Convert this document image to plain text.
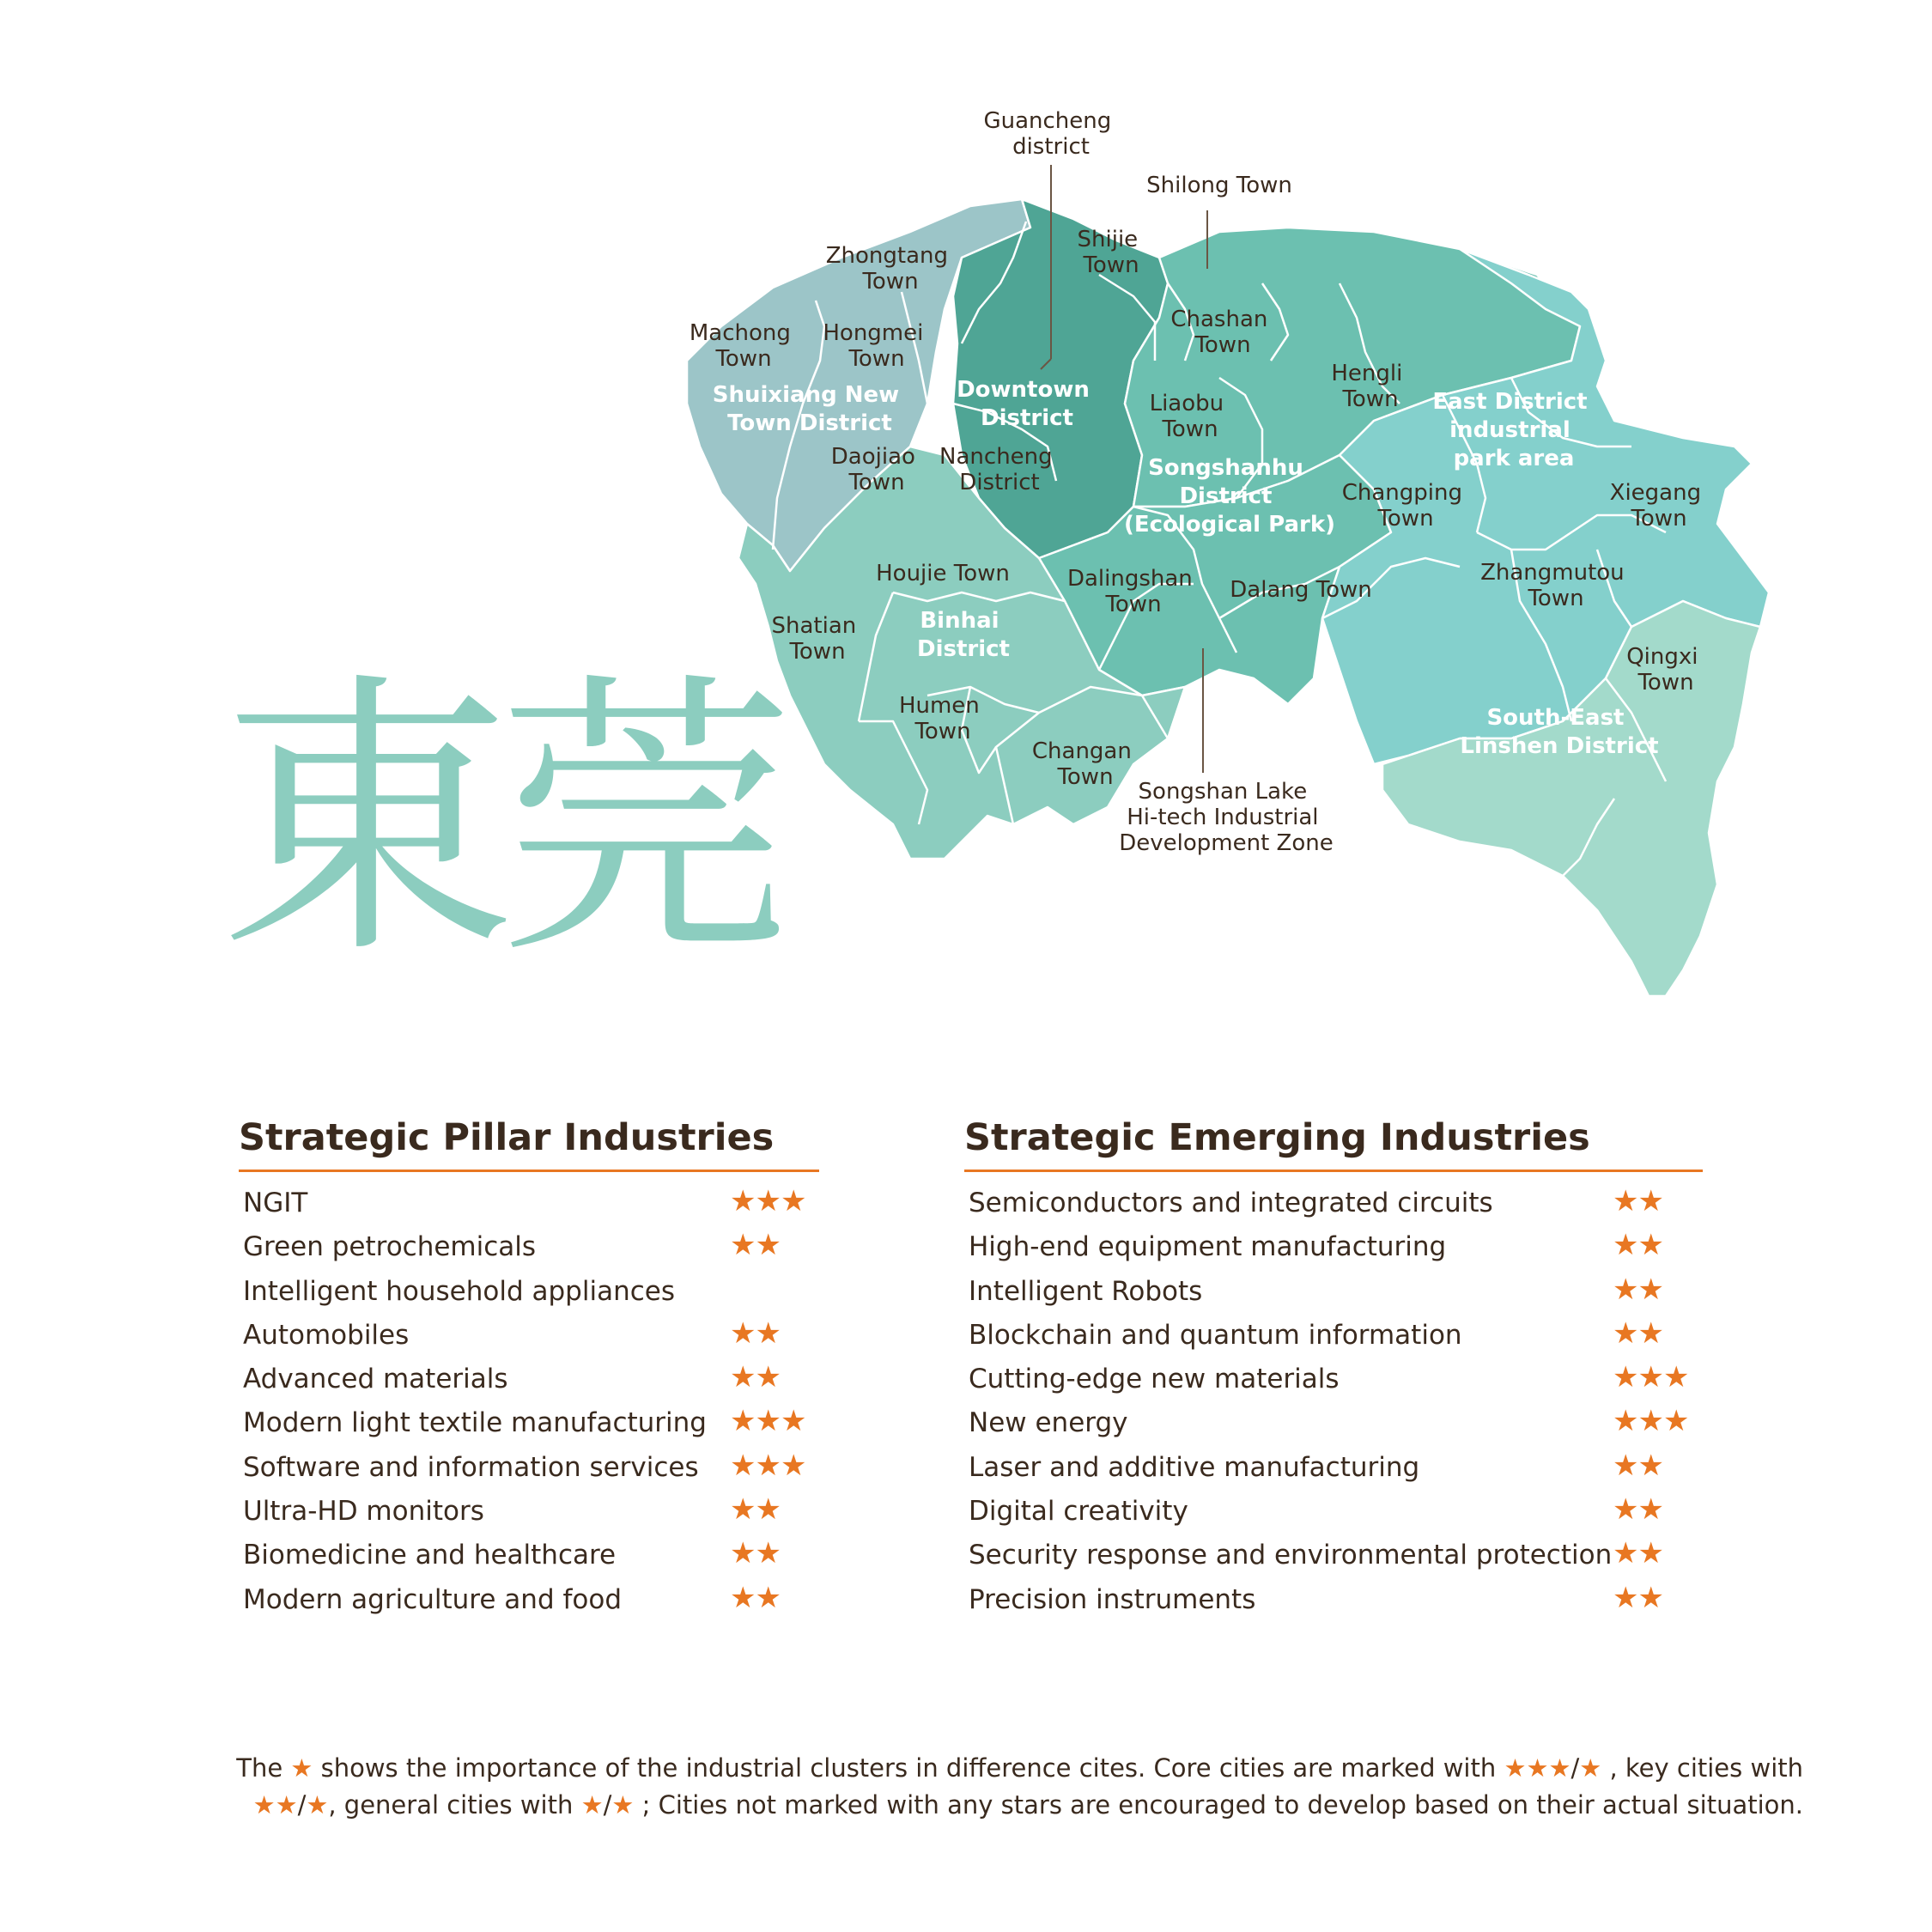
東莞
Guancheng district
Shilong Town
Zhongtang Town
Shijie Town
Machong Town
Hongmei Town
Chashan Town
Hengli Town
Shuixiang New Town District
Downtown District
Liaobu Town
East District industrial park area
Daojiao Town
Nancheng District
Songshanhu District (Ecological Park)
Changping Town
Xiegang Town
Houjie Town	Dalingshan Town
Dalang Town
Zhangmutou Town
Shatian Town
Binhai District	Qingxi Town
Humen Town
Changan Town
South-East Linshen District
Songshan Lake Hi-tech Industrial Development Zone
Strategic Pillar Industries
NGIT	★★★
Green petrochemicals	★★
Intelligent household appliances
Automobiles	★★
Advanced materials	★★
Modern light textile manufacturing ★★★
Software and information services ★★★
Ultra-HD monitors	★★
Biomedicine and healthcare	★★
Modern agriculture and food	★★
Strategic Emerging Industries
Semiconductors and integrated circuits	★★
High-end equipment manufacturing	★★
Intelligent Robots	★★
Blockchain and quantum information	★★
Cutting-edge new materials	★★★
New energy	★★★
Laser and additive manufacturing	★★
Digital creativity	★★
Security response and environmental protection ★★
Precision instruments	★★
The ★ shows the importance of the industrial clusters in difference cites. Core cities are marked with ★★★/★ , key cities with
★★/★, general cities with ★/★ ; Cities not marked with any stars are encouraged to develop based on their actual situation.
